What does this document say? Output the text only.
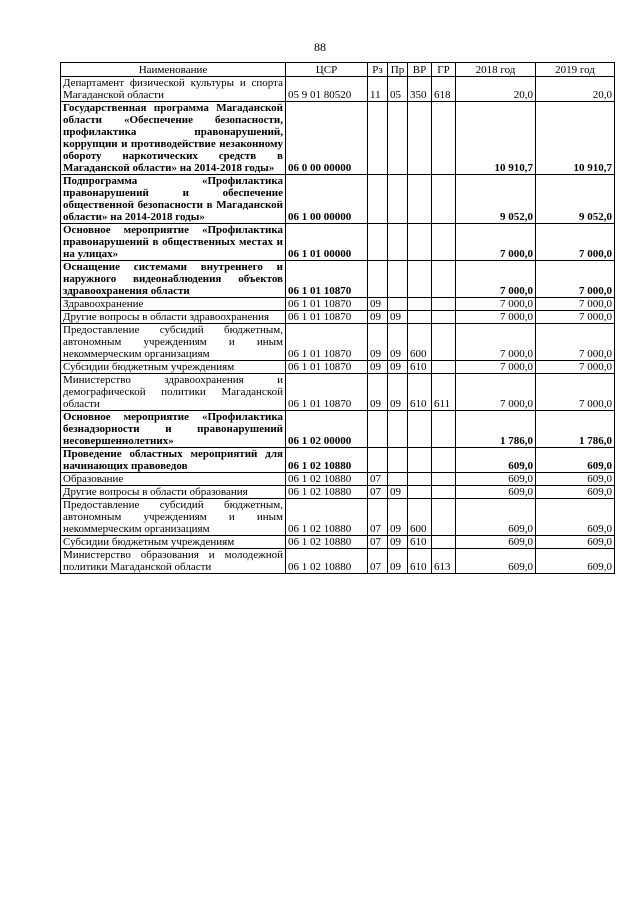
88
Наименование	ЦСР	Рз	Пр	ВР	ГР	2018 год	2019 год
Департамент физической культуры и спорта Магаданской области	05 9 01 80520	11	05	350	618	20,0	20,0
Государственная программа Магаданской области «Обеспечение безопасности, профилактика правонарушений, коррупции и противодействие незаконному обороту наркотических средств в Магаданской области» на 2014-2018 годы»	06 0 00 00000					10 910,7	10 910,7
Подпрограмма «Профилактика правонарушений и обеспечение общественной безопасности в Магаданской области» на 2014-2018 годы»	06 1 00 00000					9 052,0	9 052,0
Основное мероприятие «Профилактика правонарушений в общественных местах и на улицах»	06 1 01 00000					7 000,0	7 000,0
Оснащение системами внутреннего и наружного видеонаблюдения объектов здравоохранения области	06 1 01 10870					7 000,0	7 000,0
Здравоохранение	06 1 01 10870	09				7 000,0	7 000,0
Другие вопросы в области здравоохранения	06 1 01 10870	09	09			7 000,0	7 000,0
Предоставление субсидий бюджетным, автономным учреждениям и иным некоммерческим организациям	06 1 01 10870	09	09	600		7 000,0	7 000,0
Субсидии бюджетным учреждениям	06 1 01 10870	09	09	610		7 000,0	7 000,0
Министерство здравоохранения и демографической политики Магаданской области	06 1 01 10870	09	09	610	611	7 000,0	7 000,0
Основное мероприятие «Профилактика безнадзорности и правонарушений несовершеннолетних»	06 1 02 00000					1 786,0	1 786,0
Проведение областных мероприятий для начинающих правоведов	06 1 02 10880					609,0	609,0
Образование	06 1 02 10880	07				609,0	609,0
Другие вопросы в области образования	06 1 02 10880	07	09			609,0	609,0
Предоставление субсидий бюджетным, автономным учреждениям и иным некоммерческим организациям	06 1 02 10880	07	09	600		609,0	609,0
Субсидии бюджетным учреждениям	06 1 02 10880	07	09	610		609,0	609,0
Министерство образования и молодежной политики Магаданской области	06 1 02 10880	07	09	610	613	609,0	609,0
